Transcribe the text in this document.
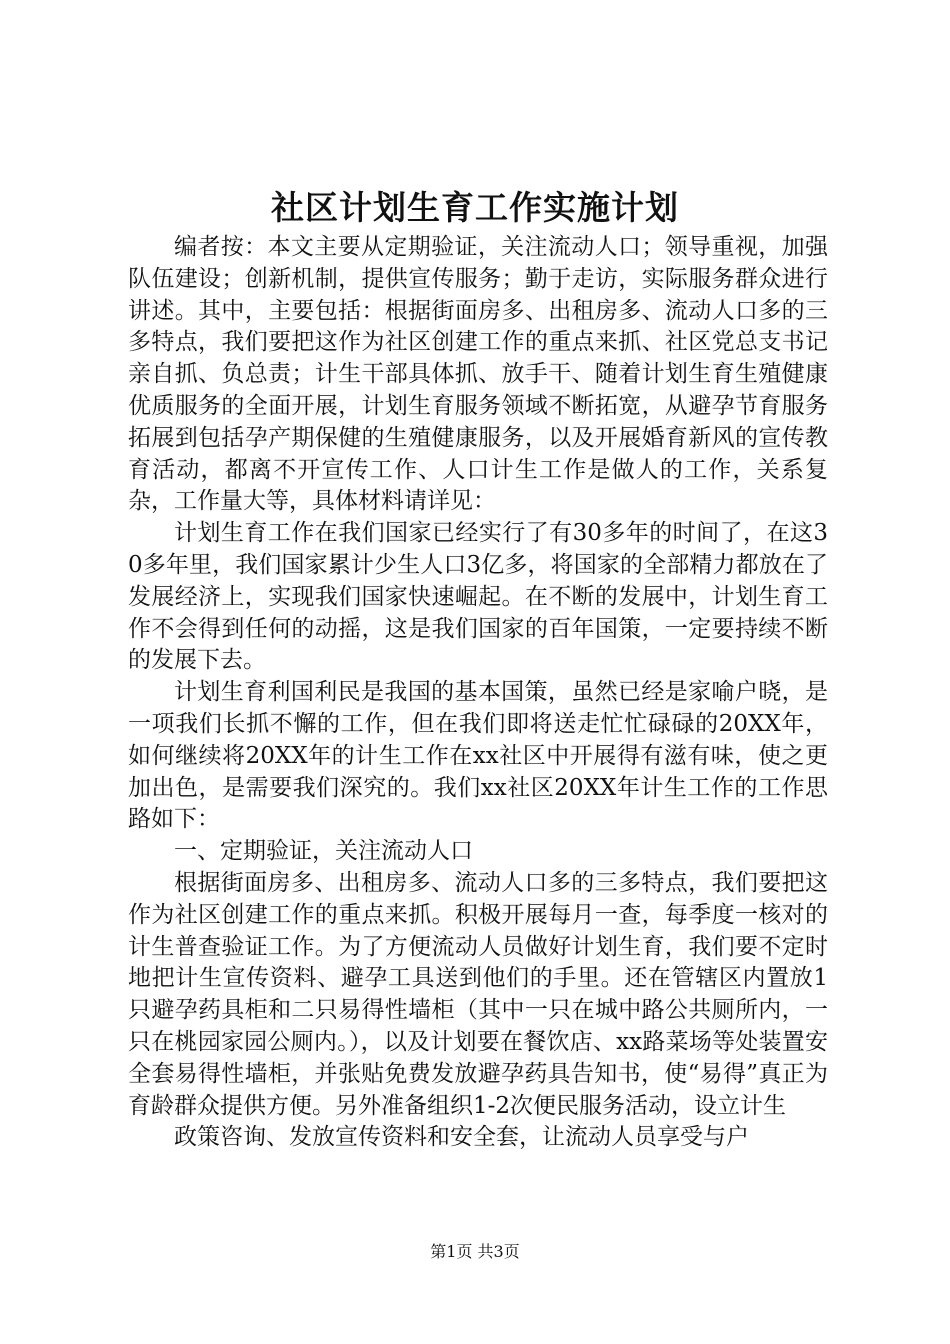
社区计划生育工作实施计划

编者按：本文主要从定期验证，关注流动人口；领导重视，加强队伍建设；创新机制，提供宣传服务；勤于走访，实际服务群众进行讲述。其中，主要包括：根据街面房多、出租房多、流动人口多的三多特点，我们要把这作为社区创建工作的重点来抓、社区党总支书记亲自抓、负总责；计生干部具体抓、放手干、随着计划生育生殖健康优质服务的全面开展，计划生育服务领域不断拓宽，从避孕节育服务拓展到包括孕产期保健的生殖健康服务，以及开展婚育新风的宣传教育活动，都离不开宣传工作、人口计生工作是做人的工作，关系复杂，工作量大等，具体材料请详见：

计划生育工作在我们国家已经实行了有30多年的时间了，在这30多年里，我们国家累计少生人口3亿多，将国家的全部精力都放在了发展经济上，实现我们国家快速崛起。在不断的发展中，计划生育工作不会得到任何的动摇，这是我们国家的百年国策，一定要持续不断的发展下去。

计划生育利国利民是我国的基本国策，虽然已经是家喻户晓，是一项我们长抓不懈的工作，但在我们即将送走忙忙碌碌的20XX年，如何继续将20XX年的计生工作在xx社区中开展得有滋有味，使之更加出色，是需要我们深究的。我们xx社区20XX年计生工作的工作思路如下：

一、定期验证，关注流动人口

根据街面房多、出租房多、流动人口多的三多特点，我们要把这作为社区创建工作的重点来抓。积极开展每月一查，每季度一核对的计生普查验证工作。为了方便流动人员做好计划生育，我们要不定时地把计生宣传资料、避孕工具送到他们的手里。还在管辖区内置放1只避孕药具柜和二只易得性墙柜（其中一只在城中路公共厕所内，一只在桃园家园公厕内。），以及计划要在餐饮店、xx路菜场等处装置安全套易得性墙柜，并张贴免费发放避孕药具告知书，使“易得”真正为育龄群众提供方便。另外准备组织1-2次便民服务活动，设立计生

政策咨询、发放宣传资料和安全套，让流动人员享受与户

第1页 共3页
